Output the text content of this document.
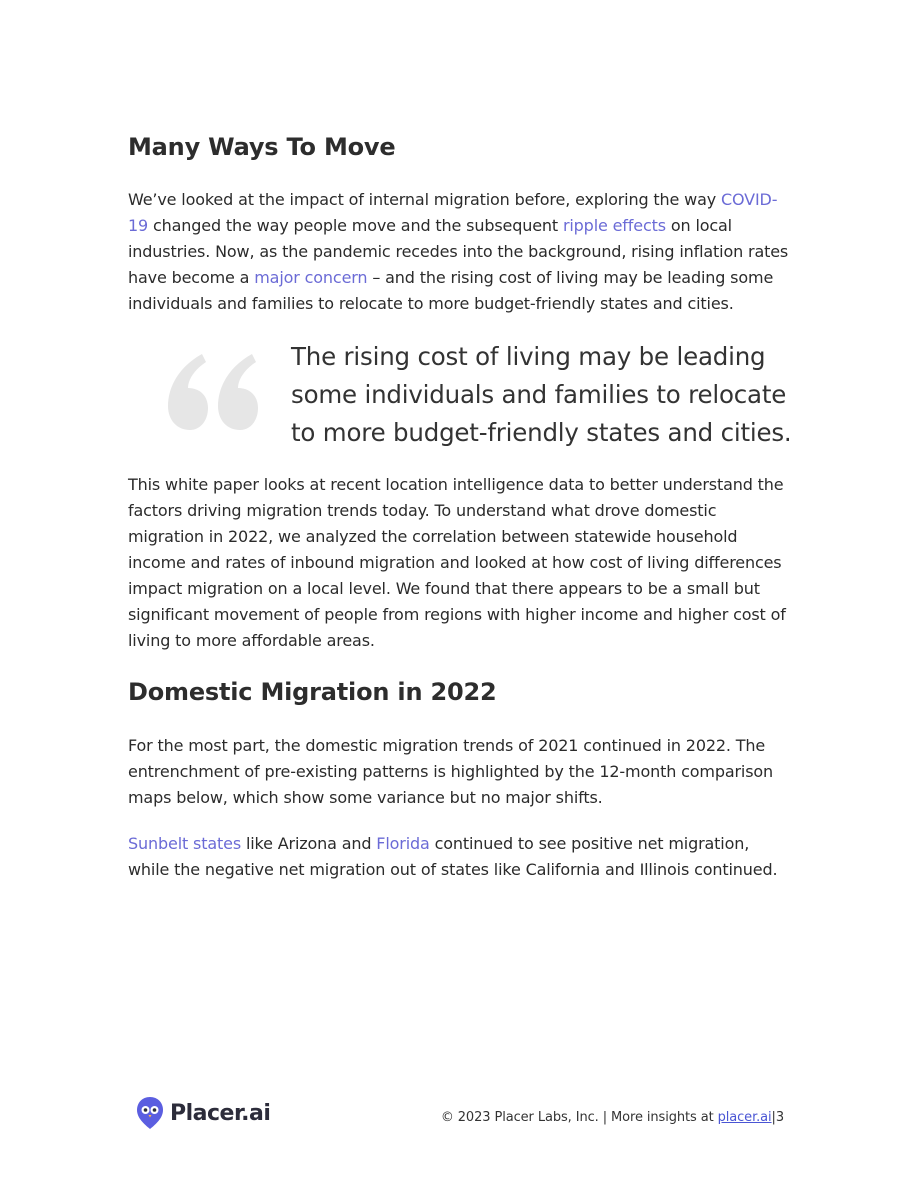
Many Ways To Move

We’ve looked at the impact of internal migration before, exploring the way COVID-19 changed the way people move and the subsequent ripple effects on local industries. Now, as the pandemic recedes into the background, rising inflation rates have become a major concern – and the rising cost of living may be leading some individuals and families to relocate to more budget-friendly states and cities.

The rising cost of living may be leading some individuals and families to relocate to more budget-friendly states and cities.

This white paper looks at recent location intelligence data to better understand the factors driving migration trends today. To understand what drove domestic migration in 2022, we analyzed the correlation between statewide household income and rates of inbound migration and looked at how cost of living differences impact migration on a local level. We found that there appears to be a small but significant movement of people from regions with higher income and higher cost of living to more affordable areas.

Domestic Migration in 2022

For the most part, the domestic migration trends of 2021 continued in 2022. The entrenchment of pre-existing patterns is highlighted by the 12-month comparison maps below, which show some variance but no major shifts.

Sunbelt states like Arizona and Florida continued to see positive net migration, while the negative net migration out of states like California and Illinois continued.

Placer.ai	© 2023 Placer Labs, Inc. | More insights at placer.ai|3
